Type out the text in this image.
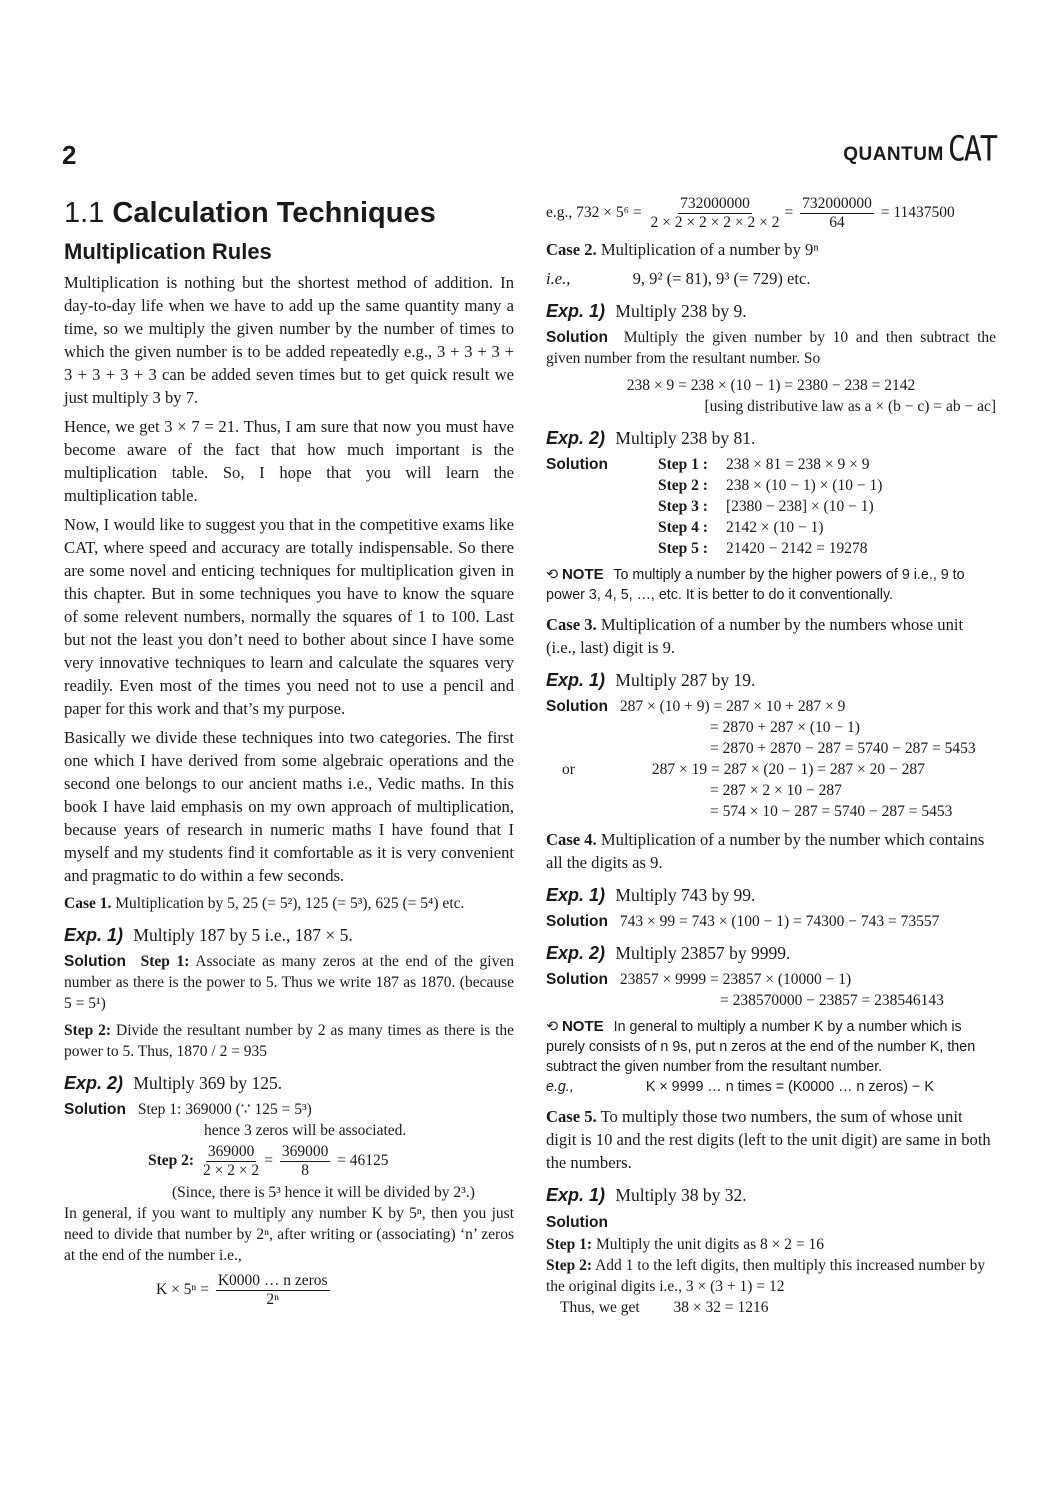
2	QUANTUM CAT
1.1 Calculation Techniques
Multiplication Rules

Multiplication is nothing but the shortest method of addition. In day-to-day life when we have to add up the same quantity many a time, so we multiply the given number by the number of times to which the given number is to be added repeatedly e.g., 3 + 3 + 3 + 3 + 3 + 3 + 3 can be added seven times but to get quick result we just multiply 3 by 7.

Hence, we get 3 × 7 = 21. Thus, I am sure that now you must have become aware of the fact that how much important is the multiplication table. So, I hope that you will learn the multiplication table.

Now, I would like to suggest you that in the competitive exams like CAT, where speed and accuracy are totally indispensable. So there are some novel and enticing techniques for multiplication given in this chapter. But in some techniques you have to know the square of some relevent numbers, normally the squares of 1 to 100. Last but not the least you don’t need to bother about since I have some very innovative techniques to learn and calculate the squares very readily. Even most of the times you need not to use a pencil and paper for this work and that’s my purpose.

Basically we divide these techniques into two categories. The first one which I have derived from some algebraic operations and the second one belongs to our ancient maths i.e., Vedic maths. In this book I have laid emphasis on my own approach of multiplication, because years of research in numeric maths I have found that I myself and my students find it comfortable as it is very convenient and pragmatic to do within a few seconds.

Case 1. Multiplication by 5, 25 (= 5²), 125 (= 5³), 625 (= 5⁴) etc.
Exp. 1) Multiply 187 by 5 i.e., 187 × 5.

Solution Step 1: Associate as many zeros at the end of the given number as there is the power to 5. Thus we write 187 as 1870. (because 5 = 5¹)

Step 2: Divide the resultant number by 2 as many times as there is the power to 5. Thus, 1870 / 2 = 935

Exp. 2) Multiply 369 by 125.
Solution Step 1: 369000 (∵ 125 = 5³)
hence 3 zeros will be associated.
Step 2: $\frac{369000}{2 \times 2 \times 2} = \frac{369000}{8} = 46125$
(Since, there is 5³ hence it will be divided by 2³.)

In general, if you want to multiply any number K by 5ⁿ, then you just need to divide that number by 2ⁿ, after writing or (associating) ‘n’ zeros at the end of the number i.e.,

$K \times 5^n = \frac{\text{K0000 … n zeros}}{\text{2ⁿ}}$
e.g., $732 \times 5^6 = \frac{732000000}{2 \times 2 \times 2 \times 2 \times 2 \times 2} = \frac{732000000}{64} = 11437500$
Case 2. Multiplication of a number by 9ⁿ
i.e.,	9, 9² (= 81), 9³ (= 729) etc.
Exp. 1) Multiply 238 by 9.

Solution Multiply the given number by 10 and then subtract the given number from the resultant number. So

238 × 9 = 238 × (10 − 1) = 2380 − 238 = 2142
[using distributive law as a × (b − c) = ab − ac]
Exp. 2) Multiply 238 by 81.
Solution	Step 1 :	238 × 81 = 238 × 9 × 9
Step 2 :	238 × (10 − 1) × (10 − 1)
Step 3 :	[2380 − 238] × (10 − 1)
Step 4 :	2142 × (10 − 1)
Step 5 :	21420 − 2142 = 19278
⟲ NOTE To multiply a number by the higher powers of 9 i.e., 9 to power 3, 4, 5, …, etc. It is better to do it conventionally.
Case 3. Multiplication of a number by the numbers whose unit (i.e., last) digit is 9.
Exp. 1) Multiply 287 by 19.
Solution 287 × (10 + 9) = 287 × 10 + 287 × 9
= 2870 + 287 × (10 − 1)
= 2870 + 2870 − 287 = 5740 − 287 = 5453
or	287 × 19 = 287 × (20 − 1) = 287 × 20 − 287
= 287 × 2 × 10 − 287
= 574 × 10 − 287 = 5740 − 287 = 5453
Case 4. Multiplication of a number by the number which contains all the digits as 9.
Exp. 1) Multiply 743 by 99.
Solution 743 × 99 = 743 × (100 − 1) = 74300 − 743 = 73557
Exp. 2) Multiply 23857 by 9999.
Solution 23857 × 9999 = 23857 × (10000 − 1)
= 238570000 − 23857 = 238546143
⟲ NOTE In general to multiply a number K by a number which is purely consists of n 9s, put n zeros at the end of the number K, then subtract the given number from the resultant number.
e.g.,	K × 9999 … n times = (K0000 … n zeros) − K
Case 5. To multiply those two numbers, the sum of whose unit digit is 10 and the rest digits (left to the unit digit) are same in both the numbers.
Exp. 1) Multiply 38 by 32.
Solution
Step 1: Multiply the unit digits as 8 × 2 = 16
Step 2: Add 1 to the left digits, then multiply this increased number by the original digits i.e., 3 × (3 + 1) = 12
Thus, we get 38 × 32 = 1216
